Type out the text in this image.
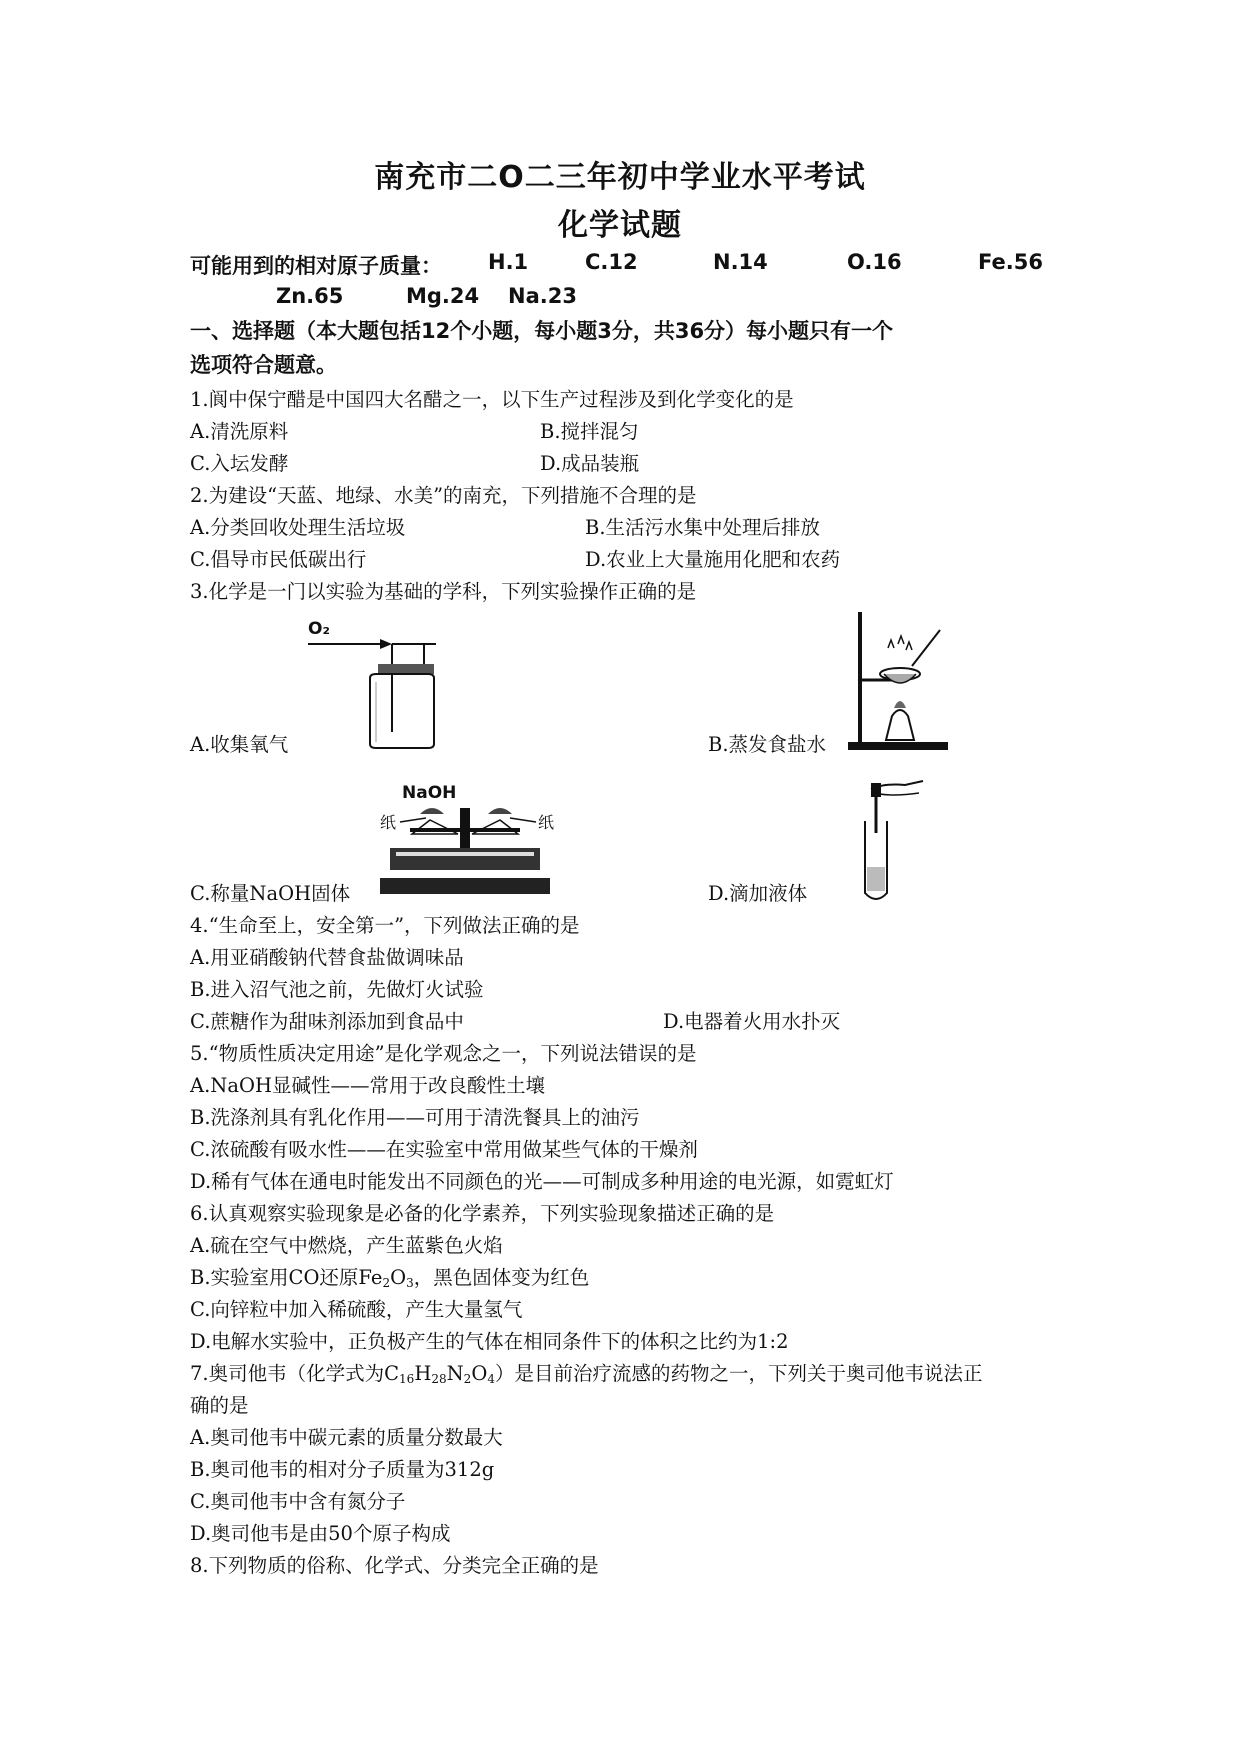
南充市二O二三年初中学业水平考试
化学试题
可能用到的相对原子质量： H.1	C.12	N.14	O.16	Fe.56
Zn.65	Mg.24 Na.23
一、选择题（本大题包括12个小题，每小题3分，共36分）每小题只有一个
选项符合题意。
1.阆中保宁醋是中国四大名醋之一，以下生产过程涉及到化学变化的是
A.清洗原料	B.搅拌混匀
C.入坛发酵	D.成品装瓶
2.为建设“天蓝、地绿、水美”的南充，下列措施不合理的是
A.分类回收处理生活垃圾	B.生活污水集中处理后排放
C.倡导市民低碳出行	D.农业上大量施用化肥和农药
3.化学是一门以实验为基础的学科，下列实验操作正确的是
O₂
A.收集氧气	B.蒸发食盐水
NaOH
纸	纸
C.称量NaOH固体	D.滴加液体
4.“生命至上，安全第一”，下列做法正确的是
A.用亚硝酸钠代替食盐做调味品
B.进入沼气池之前，先做灯火试验
C.蔗糖作为甜味剂添加到食品中	D.电器着火用水扑灭
5.“物质性质决定用途”是化学观念之一，下列说法错误的是
A.NaOH显碱性——常用于改良酸性土壤
B.洗涤剂具有乳化作用——可用于清洗餐具上的油污
C.浓硫酸有吸水性——在实验室中常用做某些气体的干燥剂
D.稀有气体在通电时能发出不同颜色的光——可制成多种用途的电光源，如霓虹灯
6.认真观察实验现象是必备的化学素养，下列实验现象描述正确的是
A.硫在空气中燃烧，产生蓝紫色火焰
B.实验室用CO还原$Fe_2O_3$，黑色固体变为红色
C.向锌粒中加入稀硫酸，产生大量氢气
D.电解水实验中，正负极产生的气体在相同条件下的体积之比约为1:2
7.奥司他韦（化学式为$C_{16}H_{28}N_2O_4$）是目前治疗流感的药物之一，下列关于奥司他韦说法正
确的是
A.奥司他韦中碳元素的质量分数最大
B.奥司他韦的相对分子质量为312g
C.奥司他韦中含有氮分子
D.奥司他韦是由50个原子构成
8.下列物质的俗称、化学式、分类完全正确的是
